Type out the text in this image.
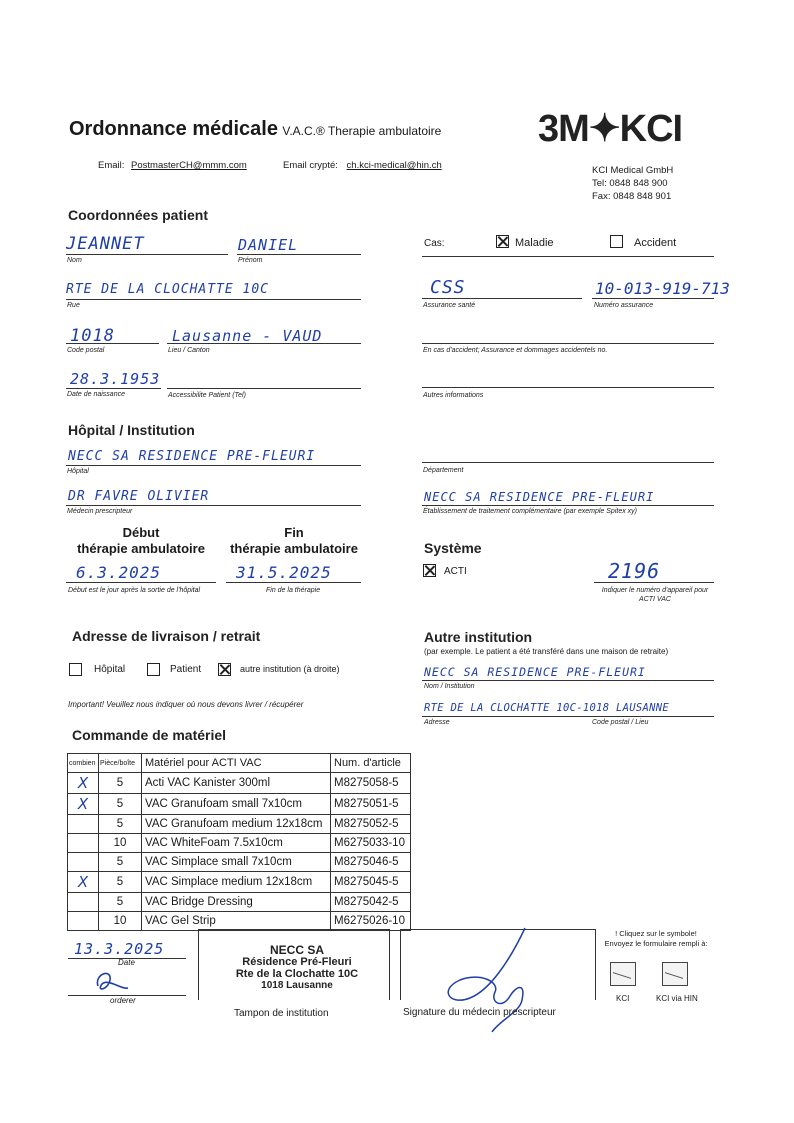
Ordonnance médicale V.A.C.® Therapie ambulatoire	3M✦KCI
Email: PostmasterCH@mmm.com	Email crypté: ch.kci-medical@hin.ch	KCI Medical GmbH
Tel: 0848 848 900
Fax: 0848 848 901
Coordonnées patient
JEANNET
Nom
DANIEL
Prénom
RTE DE LA CLOCHATTE 10C
Rue
1018
Code postal
Lausanne - VAUD
Lieu / Canton
28.3.1953
Date de naissance	Accessibilite Patient (Tel)
Cas:	Maladie	Accident
CSS
Assurance santé
10-013-919-713
Numéro assurance
En cas d'accident; Assurance et dommages accidentels no.
Autres informations
Hôpital / Institution
NECC SA RESIDENCE PRE-FLEURI
Hôpital	Département
DR FAVRE OLIVIER
Médecin prescripteur
NECC SA RESIDENCE PRE-FLEURI
Établissement de traitement complémentaire (par exemple Spitex xy)
Début
thérapie ambulatoire
Fin
thérapie ambulatoire
6.3.2025
Début est le jour après la sortie de l'hôpital
31.5.2025
Fin de la thérapie
Système
ACTI	2196
Indiquer le numéro d'appareil pour
ACTI VAC
Adresse de livraison / retrait
Hôpital	Patient	autre institution (à droite)
Important! Veuillez nous indiquer où nous devons livrer / récupérer
Autre institution
(par exemple. Le patient a été transféré dans une maison de retraite)
NECC SA RESIDENCE PRE-FLEURI
Nom / Institution
RTE DE LA CLOCHATTE 10C-1018 LAUSANNE
Adresse	Code postal / Lieu
Commande de matériel
combien	Pièce/boîte	Matériel pour ACTI VAC	Num. d'article
X	5	Acti VAC Kanister 300ml	M8275058-5
X	5	VAC Granufoam small 7x10cm	M8275051-5
	5	VAC Granufoam medium 12x18cm	M8275052-5
	10	VAC WhiteFoam 7.5x10cm	M6275033-10
	5	VAC Simplace small 7x10cm	M8275046-5
X	5	VAC Simplace medium 12x18cm	M8275045-5
	5	VAC Bridge Dressing	M8275042-5
	10	VAC Gel Strip	M6275026-10
13.3.2025
Date
orderer
NECC SA
Résidence Pré-Fleuri
Rte de la Clochatte 10C
1018 Lausanne
Tampon de institution	Signature du médecin prescripteur
! Cliquez sur le symbole!
Envoyez le formulaire rempli à:
KCI	KCI via HIN
